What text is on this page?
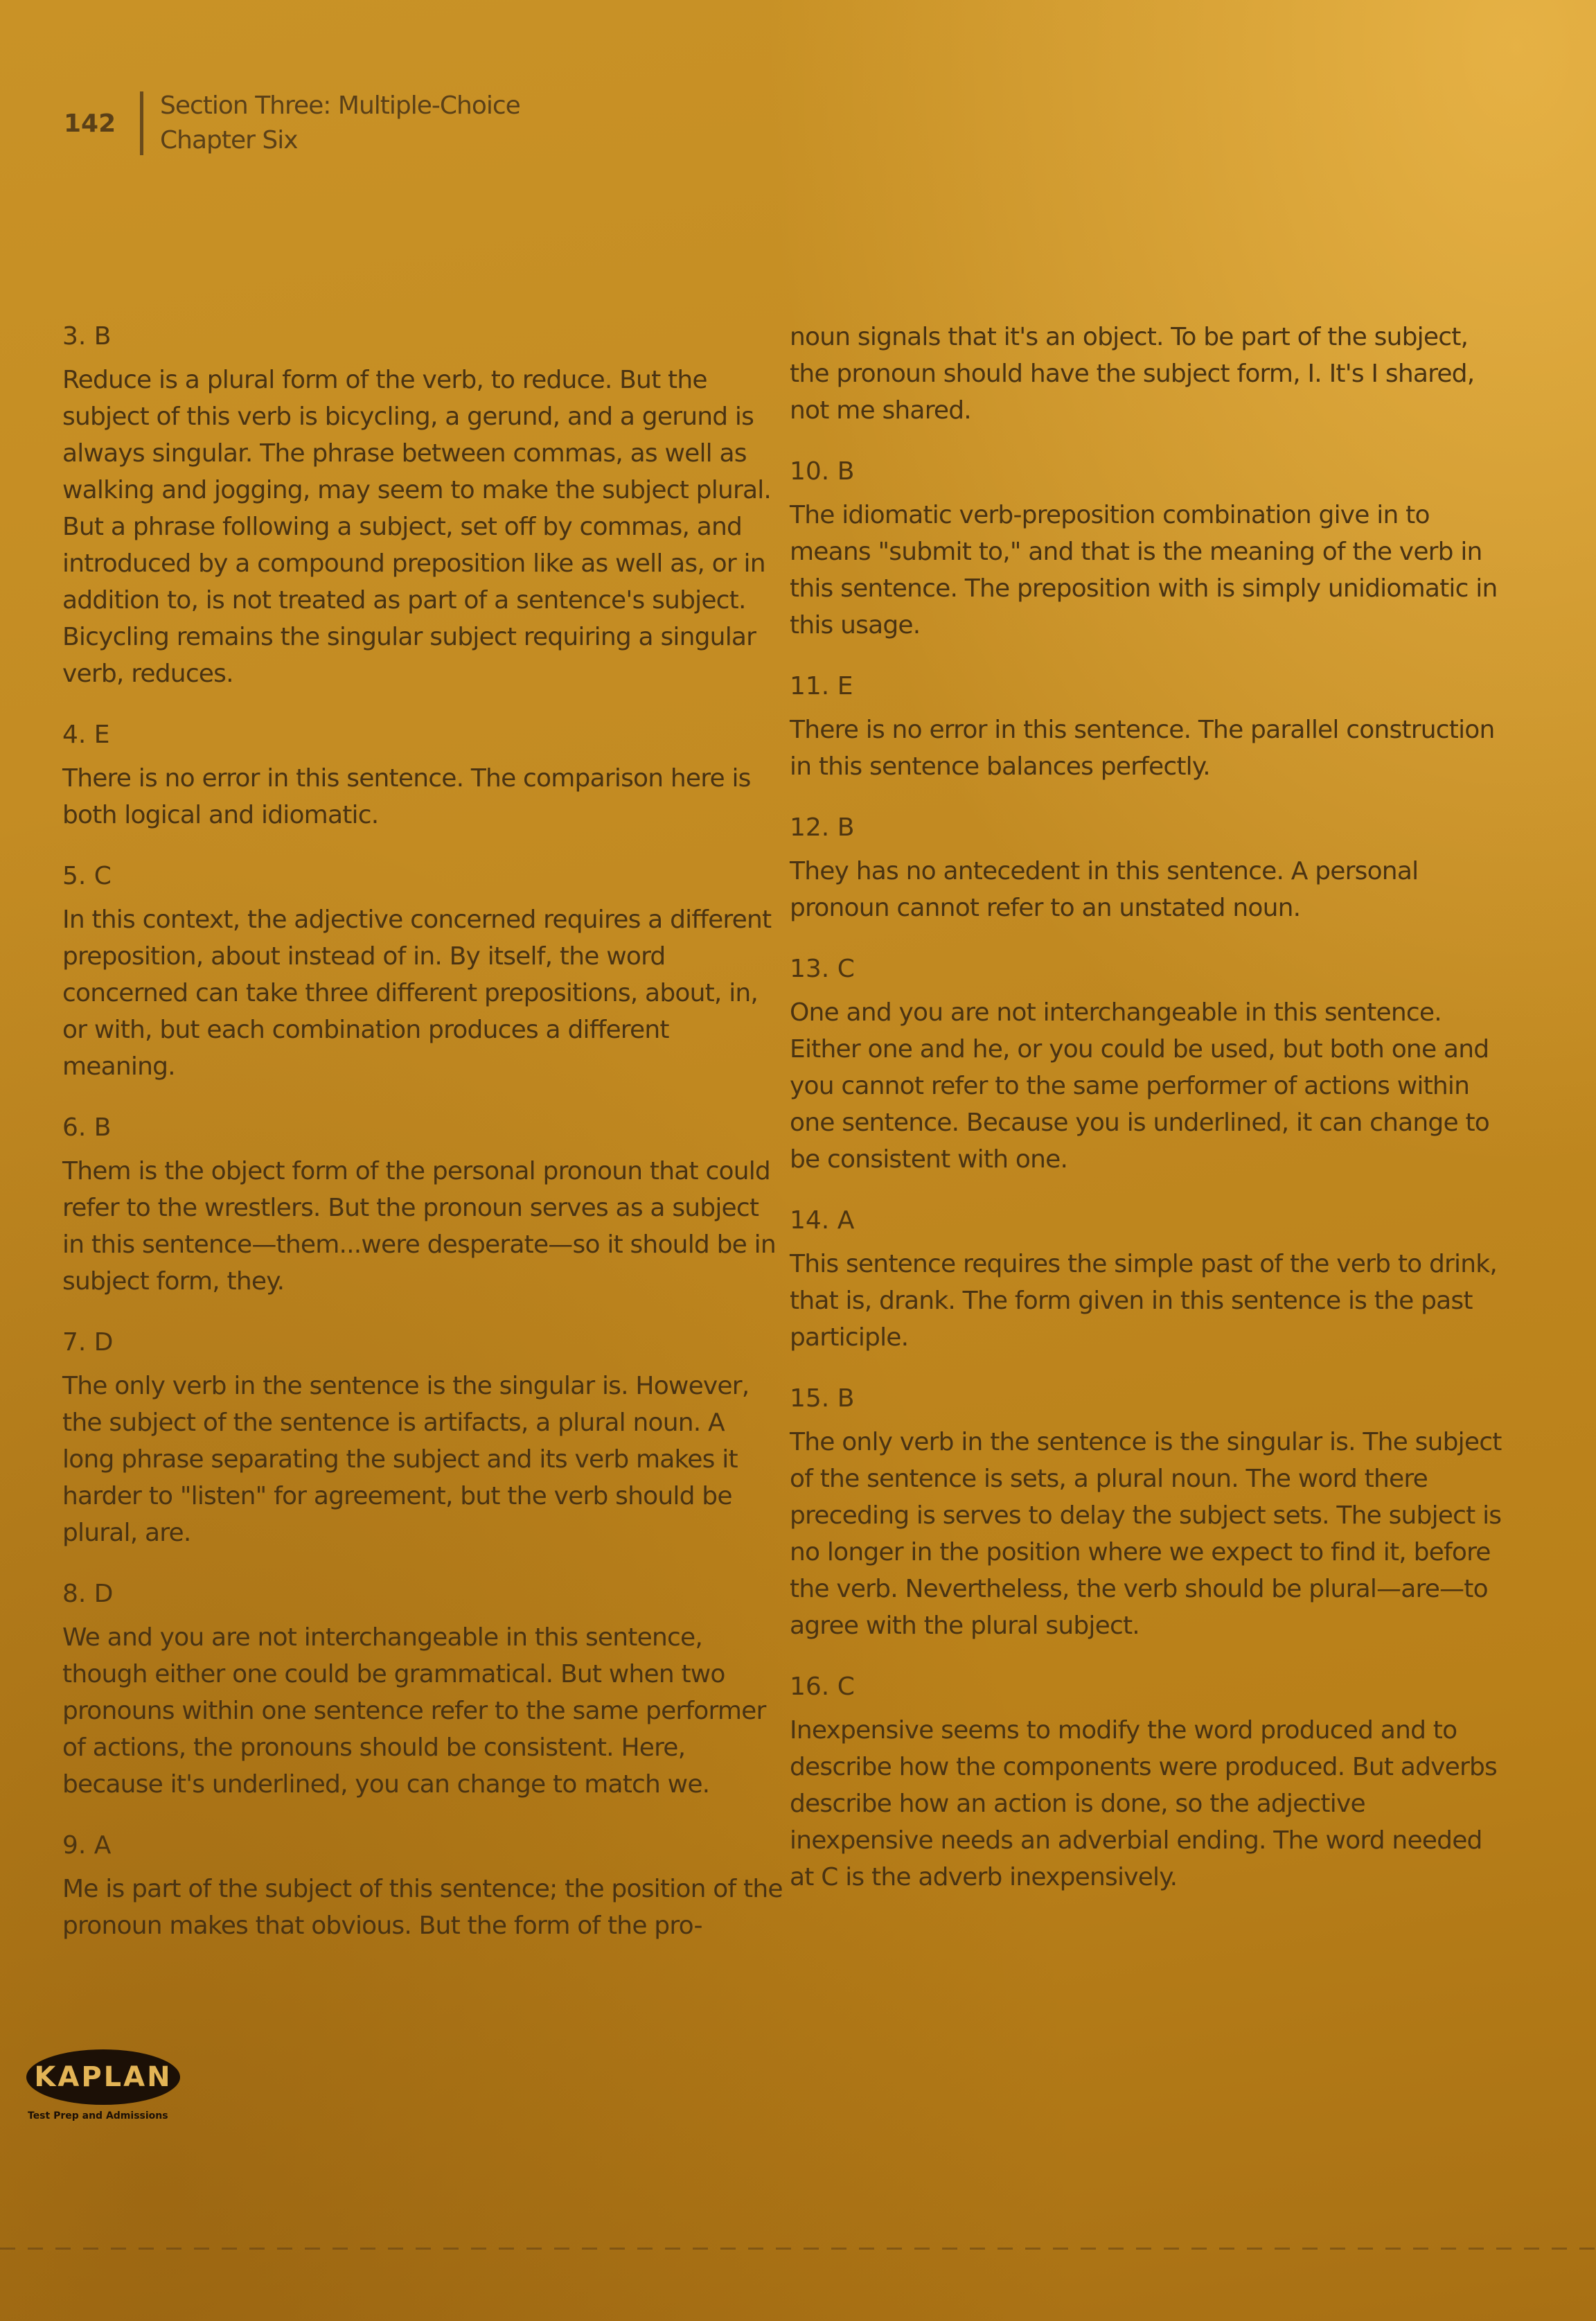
142
Section Three: Multiple-Choice
Chapter Six
3. B
Reduce is a plural form of the verb, to reduce. But the subject of this verb is bicycling, a gerund, and a gerund is always singular. The phrase between commas, as well as walking and jogging, may seem to make the subject plural. But a phrase following a subject, set off by commas, and introduced by a compound preposition like as well as, or in addition to, is not treated as part of a sentence's subject. Bicycling remains the singular subject requiring a singular verb, reduces.
4. E
There is no error in this sentence. The comparison here is both logical and idiomatic.
5. C
In this context, the adjective concerned requires a different preposition, about instead of in. By itself, the word concerned can take three different prepositions, about, in, or with, but each combination produces a different meaning.
6. B
Them is the object form of the personal pronoun that could refer to the wrestlers. But the pronoun serves as a subject in this sentence—them...were desperate—so it should be in subject form, they.
7. D
The only verb in the sentence is the singular is. However, the subject of the sentence is artifacts, a plural noun. A long phrase separating the subject and its verb makes it harder to "listen" for agreement, but the verb should be plural, are.
8. D
We and you are not interchangeable in this sentence, though either one could be grammatical. But when two pronouns within one sentence refer to the same performer of actions, the pronouns should be consistent. Here, because it's underlined, you can change to match we.
9. A
Me is part of the subject of this sentence; the position of the pronoun makes that obvious. But the form of the pro-
noun signals that it's an object. To be part of the subject, the pronoun should have the subject form, I. It's I shared, not me shared.
10. B
The idiomatic verb-preposition combination give in to means "submit to," and that is the meaning of the verb in this sentence. The preposition with is simply unidiomatic in this usage.
11. E
There is no error in this sentence. The parallel construction in this sentence balances perfectly.
12. B
They has no antecedent in this sentence. A personal pronoun cannot refer to an unstated noun.
13. C
One and you are not interchangeable in this sentence. Either one and he, or you could be used, but both one and you cannot refer to the same performer of actions within one sentence. Because you is underlined, it can change to be consistent with one.
14. A
This sentence requires the simple past of the verb to drink, that is, drank. The form given in this sentence is the past participle.
15. B
The only verb in the sentence is the singular is. The subject of the sentence is sets, a plural noun. The word there preceding is serves to delay the subject sets. The subject is no longer in the position where we expect to find it, before the verb. Nevertheless, the verb should be plural—are—to agree with the plural subject.
16. C
Inexpensive seems to modify the word produced and to describe how the components were produced. But adverbs describe how an action is done, so the adjective inexpensive needs an adverbial ending. The word needed at C is the adverb inexpensively.
KAPLAN
Test Prep and Admissions
